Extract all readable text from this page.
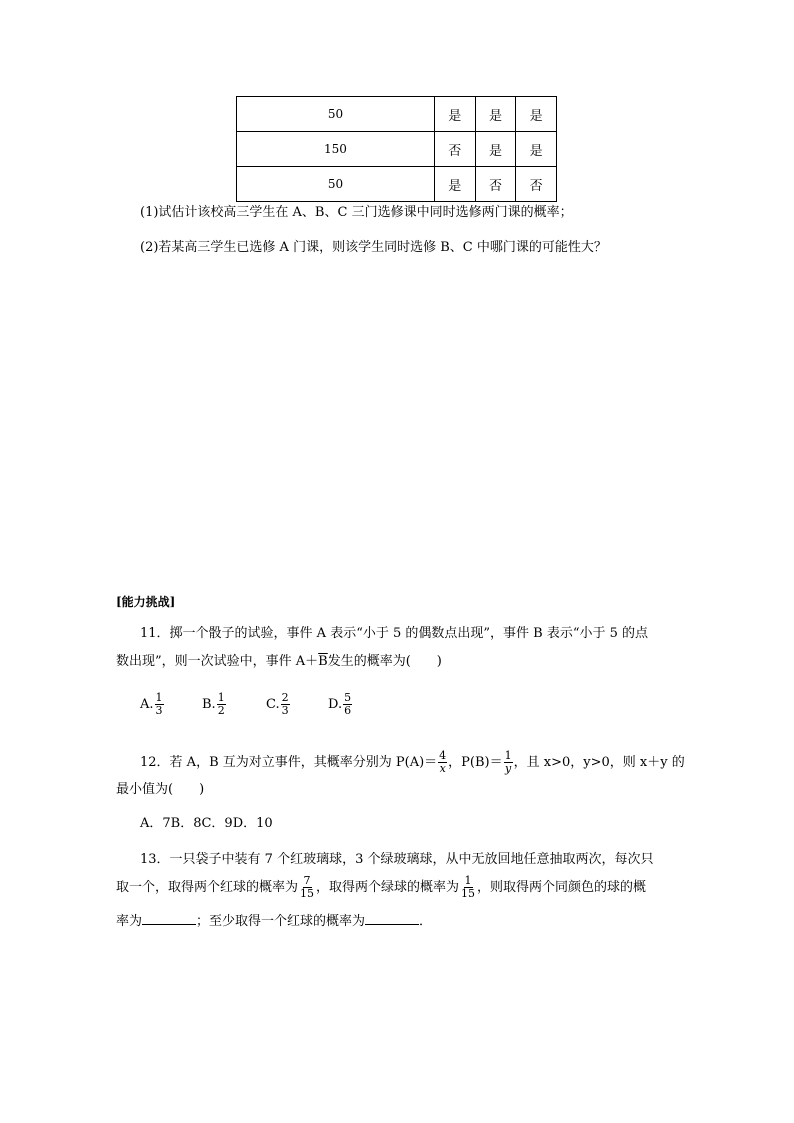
50	是	是	是
150	否	是	是
50	是	否	否
(1)试估计该校高三学生在 A、B、C 三门选修课中同时选修两门课的概率；
(2)若某高三学生已选修 A 门课，则该学生同时选修 B、C 中哪门课的可能性大？
[能力挑战]
11．掷一个骰子的试验，事件 A 表示“小于 5 的偶数点出现”，事件 B 表示“小于 5 的点
数出现”，则一次试验中，事件 $A+\overline{B}$发生的概率为(　　)
A. $\frac{1}{3}$	B. $\frac{1}{2}$	C. $\frac{2}{3}$	D. $\frac{5}{6}$
12．若 A，B 互为对立事件，其概率分别为 $P(A)= \frac{4}{x}$ ，$P(B)= \frac{1}{y}$ ，且 x>0，y>0，则 x＋y 的
最小值为(　　)
A．7B．8C．9D．10
13．一只袋子中装有 7 个红玻璃球，3 个绿玻璃球，从中无放回地任意抽取两次，每次只
取一个，取得两个红球的概率为 $\frac{7}{15}$ ，取得两个绿球的概率为 $\frac{1}{15}$ ，则取得两个同颜色的球的概
率为	；至少取得一个红球的概率为	．
